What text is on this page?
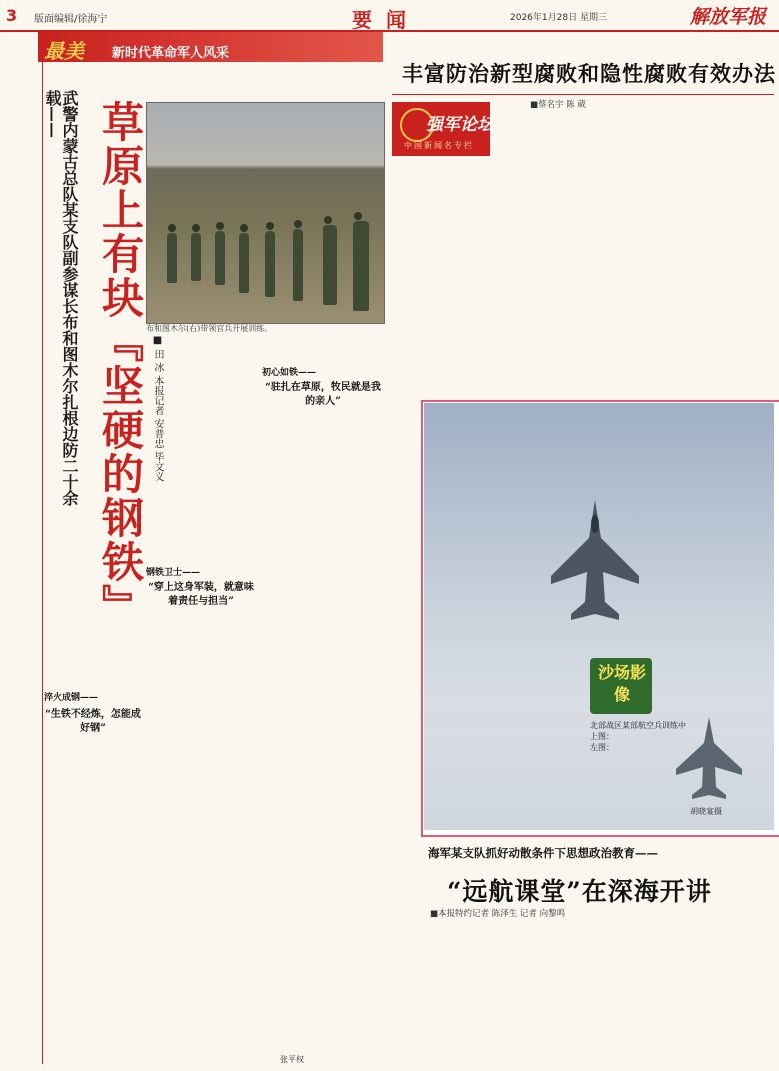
3 版面编辑/徐海宁	要闻	2026年1月28日 星期三	解放军报
最美 新时代革命军人风采
武警内蒙古总队某支队副参谋长布和图木尔扎根边防二十余载—— 草原上有块『坚硬的钢铁』 ■ 田 冰 本报记者 安普忠 毕文义
布和图木尔(右)带领官兵开展训练。
淬火成钢——
“生铁不经炼，怎能成好钢”
钢铁卫士——
“穿上这身军装，就意味着责任与担当”
初心如铁——
“驻扎在草原，牧民就是我的亲人”
张平权
丰富防治新型腐败和隐性腐败有效办法
■蔡名宇 陈 葳
强军论坛
中国新闻名专栏
沙场影像
北部战区某部航空兵训练中
上图：
左图：
胡晓宴摄
海军某支队抓好动散条件下思想政治教育——
“远航课堂”在深海开讲
■本报特约记者 陈泽生 记者 向黎鸣
